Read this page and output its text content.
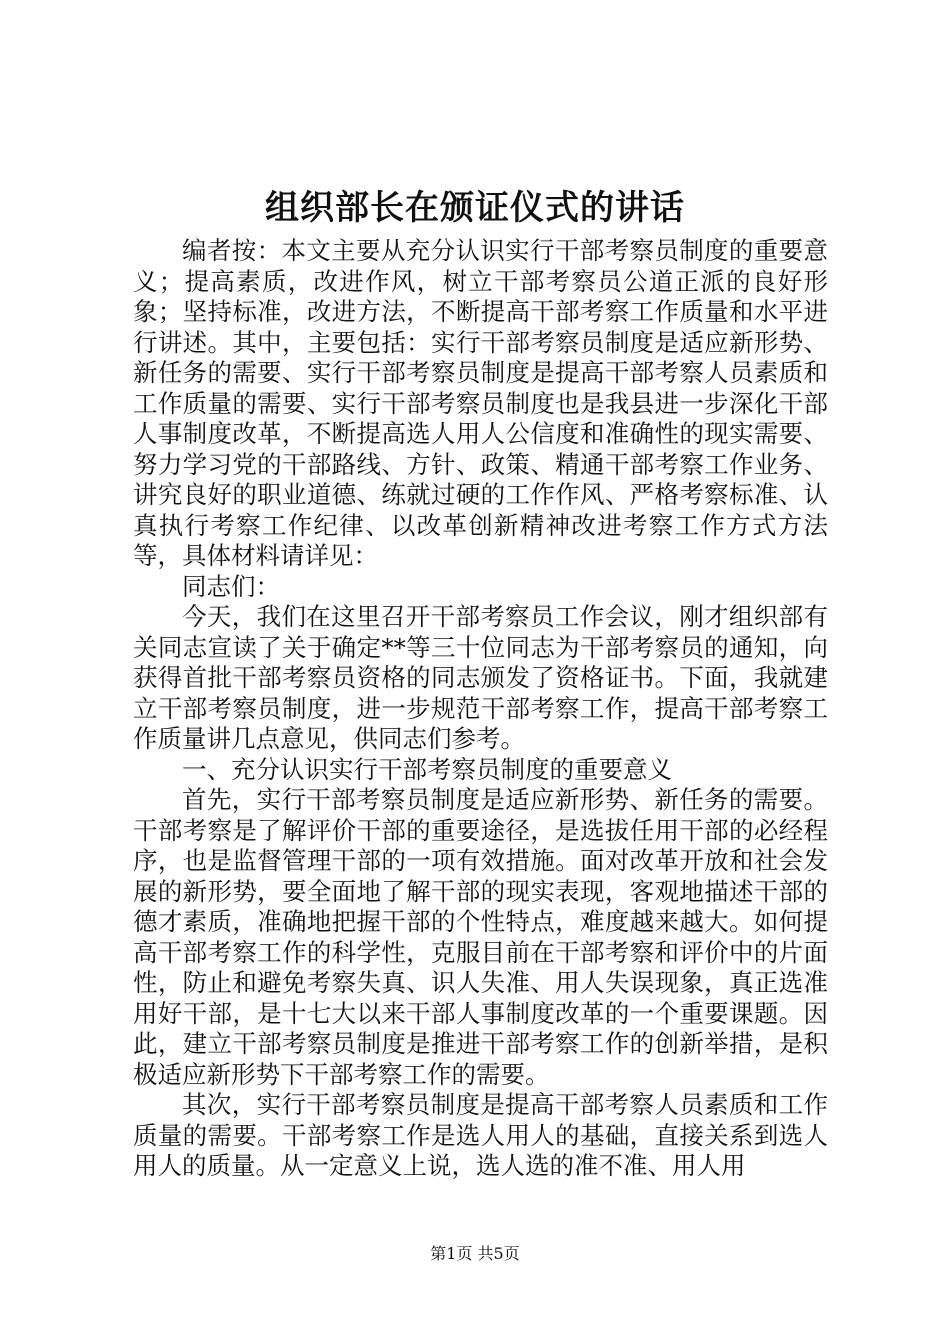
组织部长在颁证仪式的讲话

编者按：本文主要从充分认识实行干部考察员制度的重要意义；提高素质，改进作风，树立干部考察员公道正派的良好形象；坚持标准，改进方法，不断提高干部考察工作质量和水平进行讲述。其中，主要包括：实行干部考察员制度是适应新形势、新任务的需要、实行干部考察员制度是提高干部考察人员素质和工作质量的需要、实行干部考察员制度也是我县进一步深化干部人事制度改革，不断提高选人用人公信度和准确性的现实需要、努力学习党的干部路线、方针、政策、精通干部考察工作业务、讲究良好的职业道德、练就过硬的工作作风、严格考察标准、认真执行考察工作纪律、以改革创新精神改进考察工作方式方法等，具体材料请详见：

同志们：

今天，我们在这里召开干部考察员工作会议，刚才组织部有关同志宣读了关于确定**等三十位同志为干部考察员的通知，向获得首批干部考察员资格的同志颁发了资格证书。下面，我就建立干部考察员制度，进一步规范干部考察工作，提高干部考察工作质量讲几点意见，供同志们参考。

一、充分认识实行干部考察员制度的重要意义

首先，实行干部考察员制度是适应新形势、新任务的需要。干部考察是了解评价干部的重要途径，是选拔任用干部的必经程序，也是监督管理干部的一项有效措施。面对改革开放和社会发展的新形势，要全面地了解干部的现实表现，客观地描述干部的德才素质，准确地把握干部的个性特点，难度越来越大。如何提高干部考察工作的科学性，克服目前在干部考察和评价中的片面性，防止和避免考察失真、识人失准、用人失误现象，真正选准用好干部，是十七大以来干部人事制度改革的一个重要课题。因此，建立干部考察员制度是推进干部考察工作的创新举措，是积极适应新形势下干部考察工作的需要。

其次，实行干部考察员制度是提高干部考察人员素质和工作质量的需要。干部考察工作是选人用人的基础，直接关系到选人用人的质量。从一定意义上说，选人选的准不准、用人用

第1页 共5页
